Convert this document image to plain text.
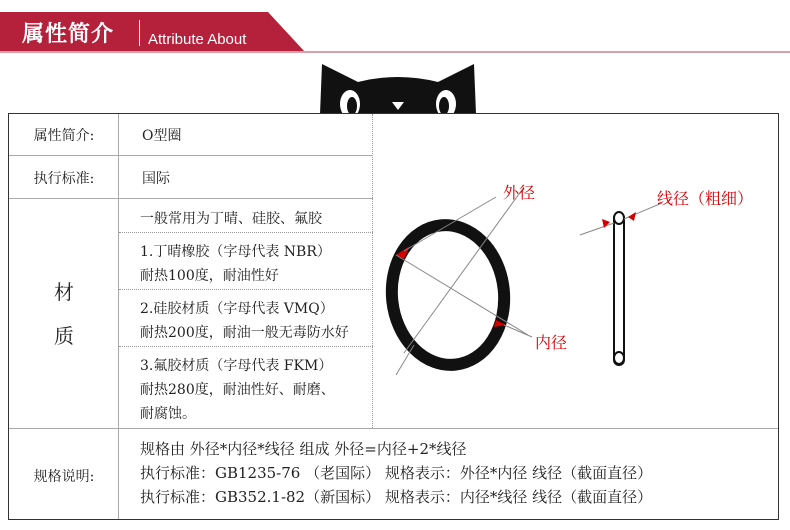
属性简介 Attribute About
属性简介:	O型圈
执行标准:	国际
材
质
一般常用为丁晴、硅胶、氟胶
1.丁晴橡胶（字母代表 NBR）
耐热100度，耐油性好
2.硅胶材质（字母代表 VMQ）
耐热200度，耐油一般无毒防水好
3.氟胶材质（字母代表 FKM）
耐热280度，耐油性好、耐磨、
耐腐蚀。
规格说明:
规格由 外径*内径*线径 组成 外径=内径+2*线径
执行标准：GB1235-76 （老国际） 规格表示：外径*内径 线径（截面直径）
执行标准：GB352.1-82（新国标） 规格表示：内径*线径 线径（截面直径）
外径
内径
线径（粗细）
